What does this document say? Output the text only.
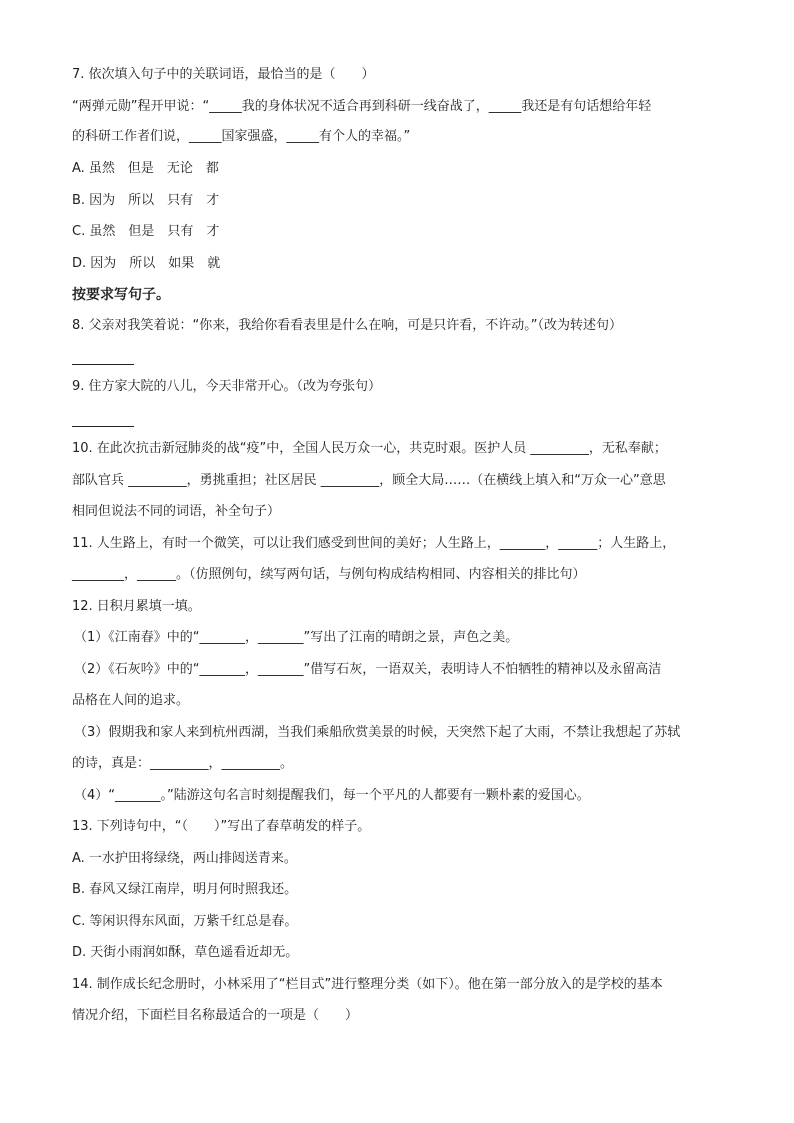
7. 依次填入句子中的关联词语，最恰当的是（　　）
“两弹元勋”程开甲说：“_____我的身体状况不适合再到科研一线奋战了，_____我还是有句话想给年轻
的科研工作者们说，_____国家强盛，_____有个人的幸福。”
A. 虽然　但是　无论　都
B. 因为　所以　只有　才
C. 虽然　但是　只有　才
D. 因为　所以　如果　就
按要求写句子。
8. 父亲对我笑着说：“你来，我给你看看表里是什么在响，可是只许看，不许动。”（改为转述句）
9. 住方家大院的八儿，今天非常开心。（改为夸张句）
10. 在此次抗击新冠肺炎的战“疫”中，全国人民万众一心，共克时艰。医护人员 _________，无私奉献；
部队官兵 _________，勇挑重担；社区居民 _________，顾全大局……（在横线上填入和“万众一心”意思
相同但说法不同的词语，补全句子）
11. 人生路上，有时一个微笑，可以让我们感受到世间的美好；人生路上，_______，______；人生路上，
________，______。（仿照例句，续写两句话，与例句构成结构相同、内容相关的排比句）
12. 日积月累填一填。
（1）《江南春》中的“_______，_______”写出了江南的晴朗之景，声色之美。
（2）《石灰吟》中的“_______，_______”借写石灰，一语双关，表明诗人不怕牺牲的精神以及永留高洁
品格在人间的追求。
（3）假期我和家人来到杭州西湖，当我们乘船欣赏美景的时候，天突然下起了大雨，不禁让我想起了苏轼
的诗，真是：_________，_________。
（4）“_______。”陆游这句名言时刻提醒我们，每一个平凡的人都要有一颗朴素的爱国心。
13. 下列诗句中，“（　　）”写出了春草萌发的样子。
A. 一水护田将绿绕，两山排闼送青来。
B. 春风又绿江南岸，明月何时照我还。
C. 等闲识得东风面，万紫千红总是春。
D. 天街小雨润如酥，草色遥看近却无。
14. 制作成长纪念册时，小林采用了“栏目式”进行整理分类（如下）。他在第一部分放入的是学校的基本
情况介绍，下面栏目名称最适合的一项是（　　）
